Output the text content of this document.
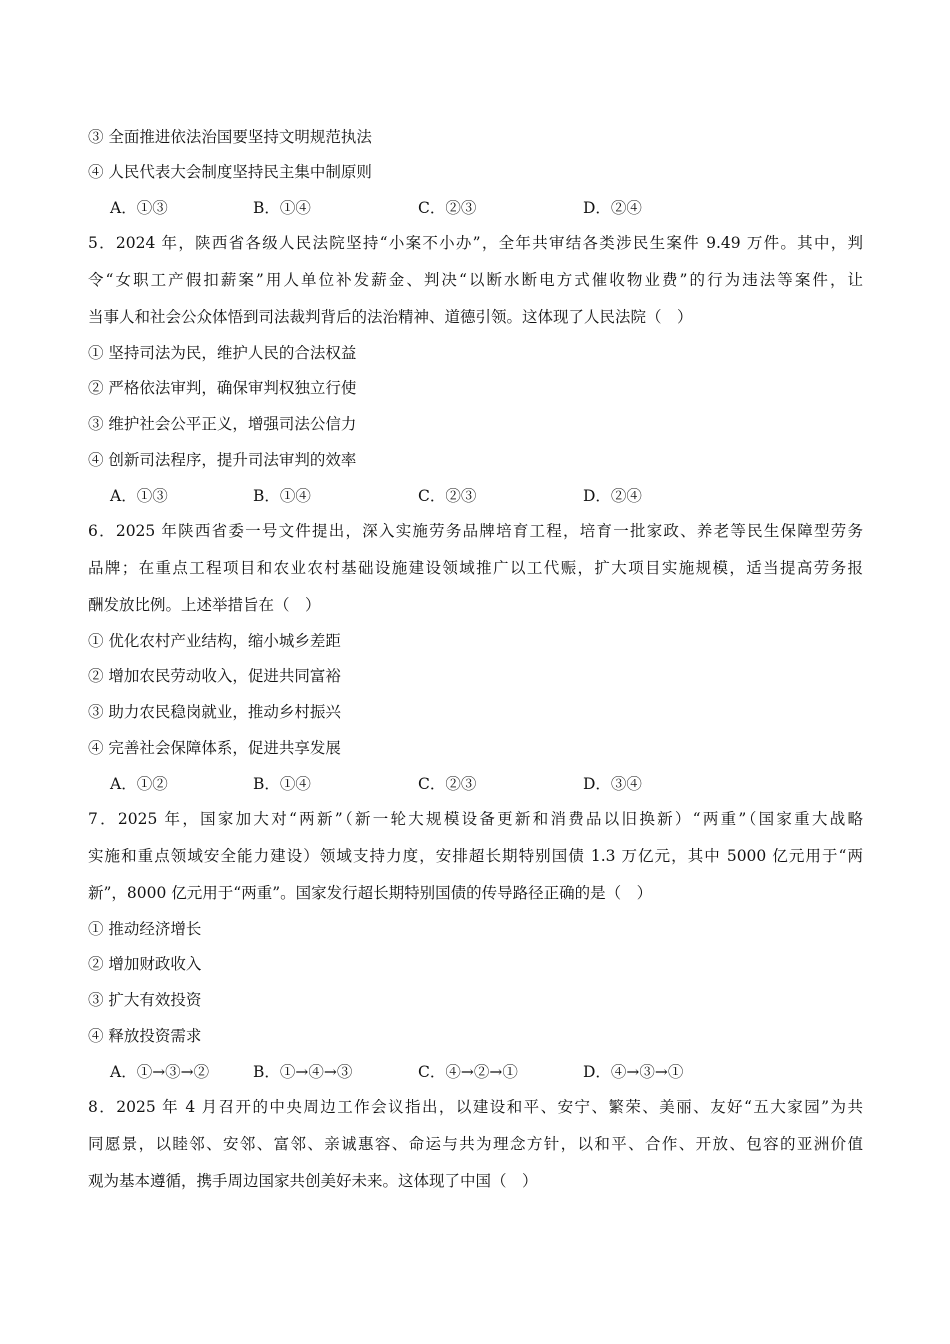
③ 全面推进依法治国要坚持文明规范执法
④ 人民代表大会制度坚持民主集中制原则
A．①③	B．①④	C．②③	D．②④
5．2024 年，陕西省各级人民法院坚持“小案不小办”，全年共审结各类涉民生案件 9.49 万件。其中，判
令“女职工产假扣薪案”用人单位补发薪金、判决“以断水断电方式催收物业费”的行为违法等案件，让
当事人和社会公众体悟到司法裁判背后的法治精神、道德引领。这体现了人民法院（　）
① 坚持司法为民，维护人民的合法权益
② 严格依法审判，确保审判权独立行使
③ 维护社会公平正义，增强司法公信力
④ 创新司法程序，提升司法审判的效率
A．①③	B．①④	C．②③	D．②④
6．2025 年陕西省委一号文件提出，深入实施劳务品牌培育工程，培育一批家政、养老等民生保障型劳务
品牌；在重点工程项目和农业农村基础设施建设领域推广以工代赈，扩大项目实施规模，适当提高劳务报
酬发放比例。上述举措旨在（　）
① 优化农村产业结构，缩小城乡差距
② 增加农民劳动收入，促进共同富裕
③ 助力农民稳岗就业，推动乡村振兴
④ 完善社会保障体系，促进共享发展
A．①②	B．①④	C．②③	D．③④
7．2025 年，国家加大对“两新”（新一轮大规模设备更新和消费品以旧换新）“两重”（国家重大战略
实施和重点领域安全能力建设）领域支持力度，安排超长期特别国债 1.3 万亿元，其中 5000 亿元用于“两
新”，8000 亿元用于“两重”。国家发行超长期特别国债的传导路径正确的是（　）
① 推动经济增长
② 增加财政收入
③ 扩大有效投资
④ 释放投资需求
A．①→③→②	B．①→④→③	C．④→②→①	D．④→③→①
8．2025 年 4 月召开的中央周边工作会议指出，以建设和平、安宁、繁荣、美丽、友好“五大家园”为共
同愿景，以睦邻、安邻、富邻、亲诚惠容、命运与共为理念方针，以和平、合作、开放、包容的亚洲价值
观为基本遵循，携手周边国家共创美好未来。这体现了中国（　）
